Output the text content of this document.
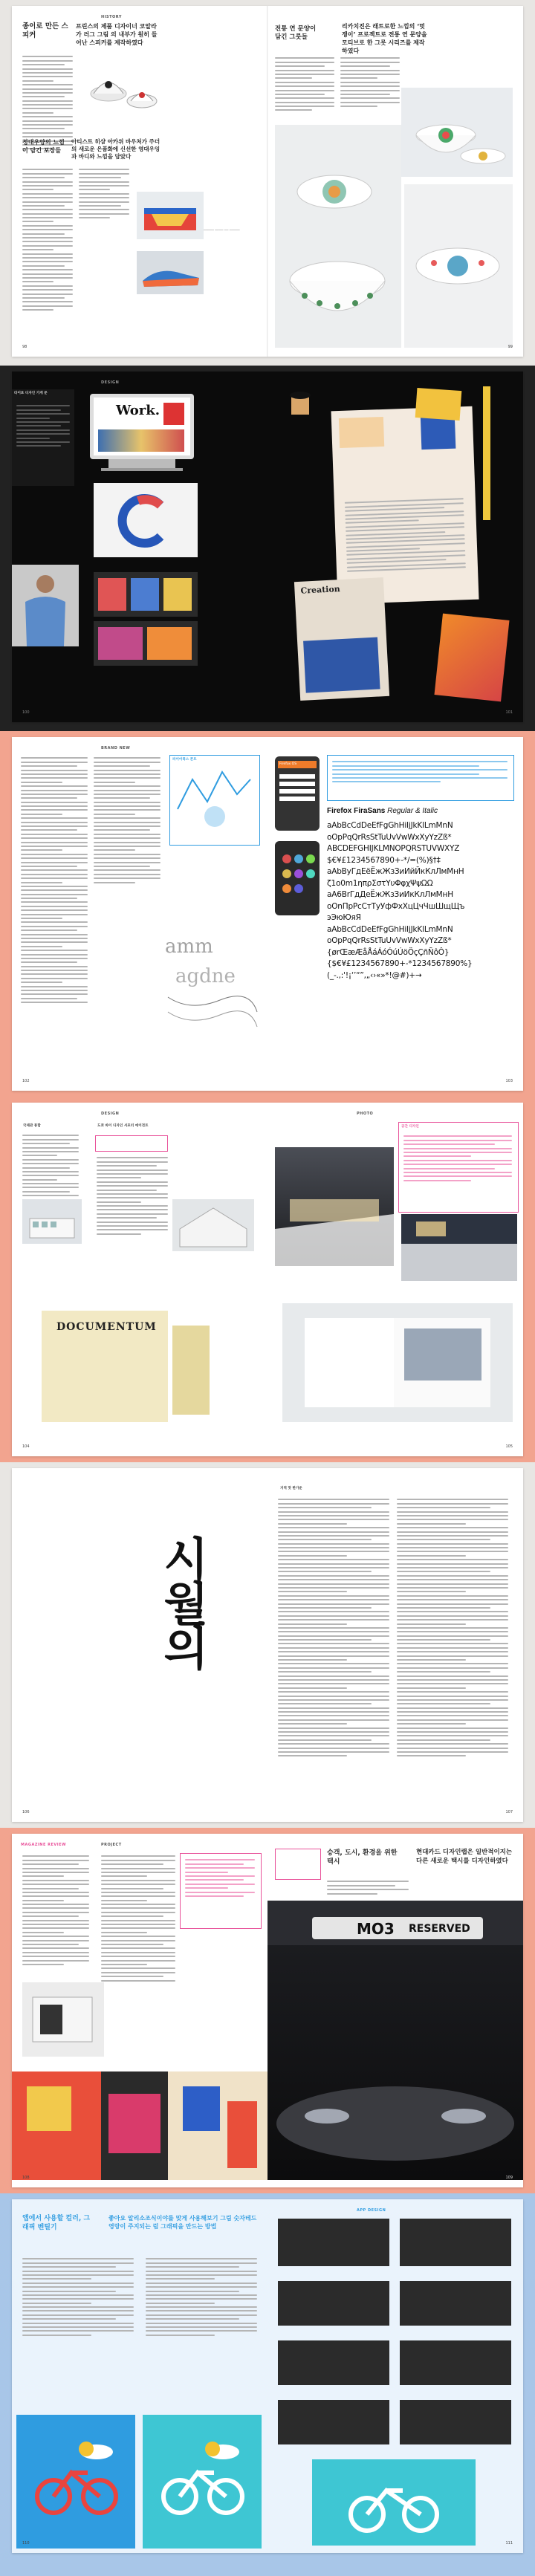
HISTORY
종이로 만든 스피커
프린스의 제품 디자이너 코알라 가 러그 그림 의 내부가 원히 들어난 스피커를 제작하였다
정대우양의 느낌이 담긴 포장들
아티스트 히샴 아카위 바우처가 주더의 새로운 은품화에 신선한 영대우잉과 바디와 느낌을 담았다
───── ──── ── ─────
98
전통 연 문양이 담긴 그릇들
리카치진은 래트로한 느낌의 ‘멋쟁이’ 프로젝트로 전통 연 문양을 모티브로 한 그릇 시리즈를 제작하였다
99
DESIGN
타이포 디자인 가게 문
Work.
100
Creation
101
BRAND NEW
파이어폭스 폰트
amm
agdne
102
Firefox OS
Firefox FiraSans Regular & Italic
aAbBcCdDeEfFgGhHiIjJkKlLmMnN
oOpPqQrRsStTuUvVwWxXyYzZß*
ABCDEFGHIJKLMNOPQRSTUVWXYZ
$€¥£1234567890+-*/=(%)§†‡
aAbByГдЕёЁжЖзЗиИйЙкКлЛмМнН
ζ1o0m1ηπρΣστΥυΦφχΨψΩΩ
aA6BrГдДеЁжЖзЗиИкКлЛмМнН
oOnПpPcCтТуУфФхХцЦчЧшШщЩъ
эЭюЮяЯ
aAbBcCdDeEfFgGhHiIjJkKlLmMnN
oOpPqQrRsStTuUvVwWxXyYzZß*
{ørŒæÆåÅáÁóÓúÚöÖçÇñÑôÔ}
{$€¥£1234567890+-*1234567890%}
(_-.,:'!¡‘’“”,„‹›«»*!@#)+→
103
DESIGN
국제관 통합	도쿄 바이 디자인 서포터 에이전트
DOCUMENTUM
104
PHOTO
공간 디자인
105
시월의
106
지역 맛 한가운
107
MAGAZINE REVIEW	PROJECT
108
승객, 도시, 환경을 위한 택시
현대카드 디자인랩은 일반적이지는 다른 새로운 택시를 디자인하였다
MO3 RESERVED
109
앱에서 사용할 컬러, 그래픽 벤틸기
좋아요 알리소조식이야를 맞게 사용해보기 그림 숫자테드 영랑이 주지되는 럼 그래픽을 만드는 방법
110
APP DESIGN
111
